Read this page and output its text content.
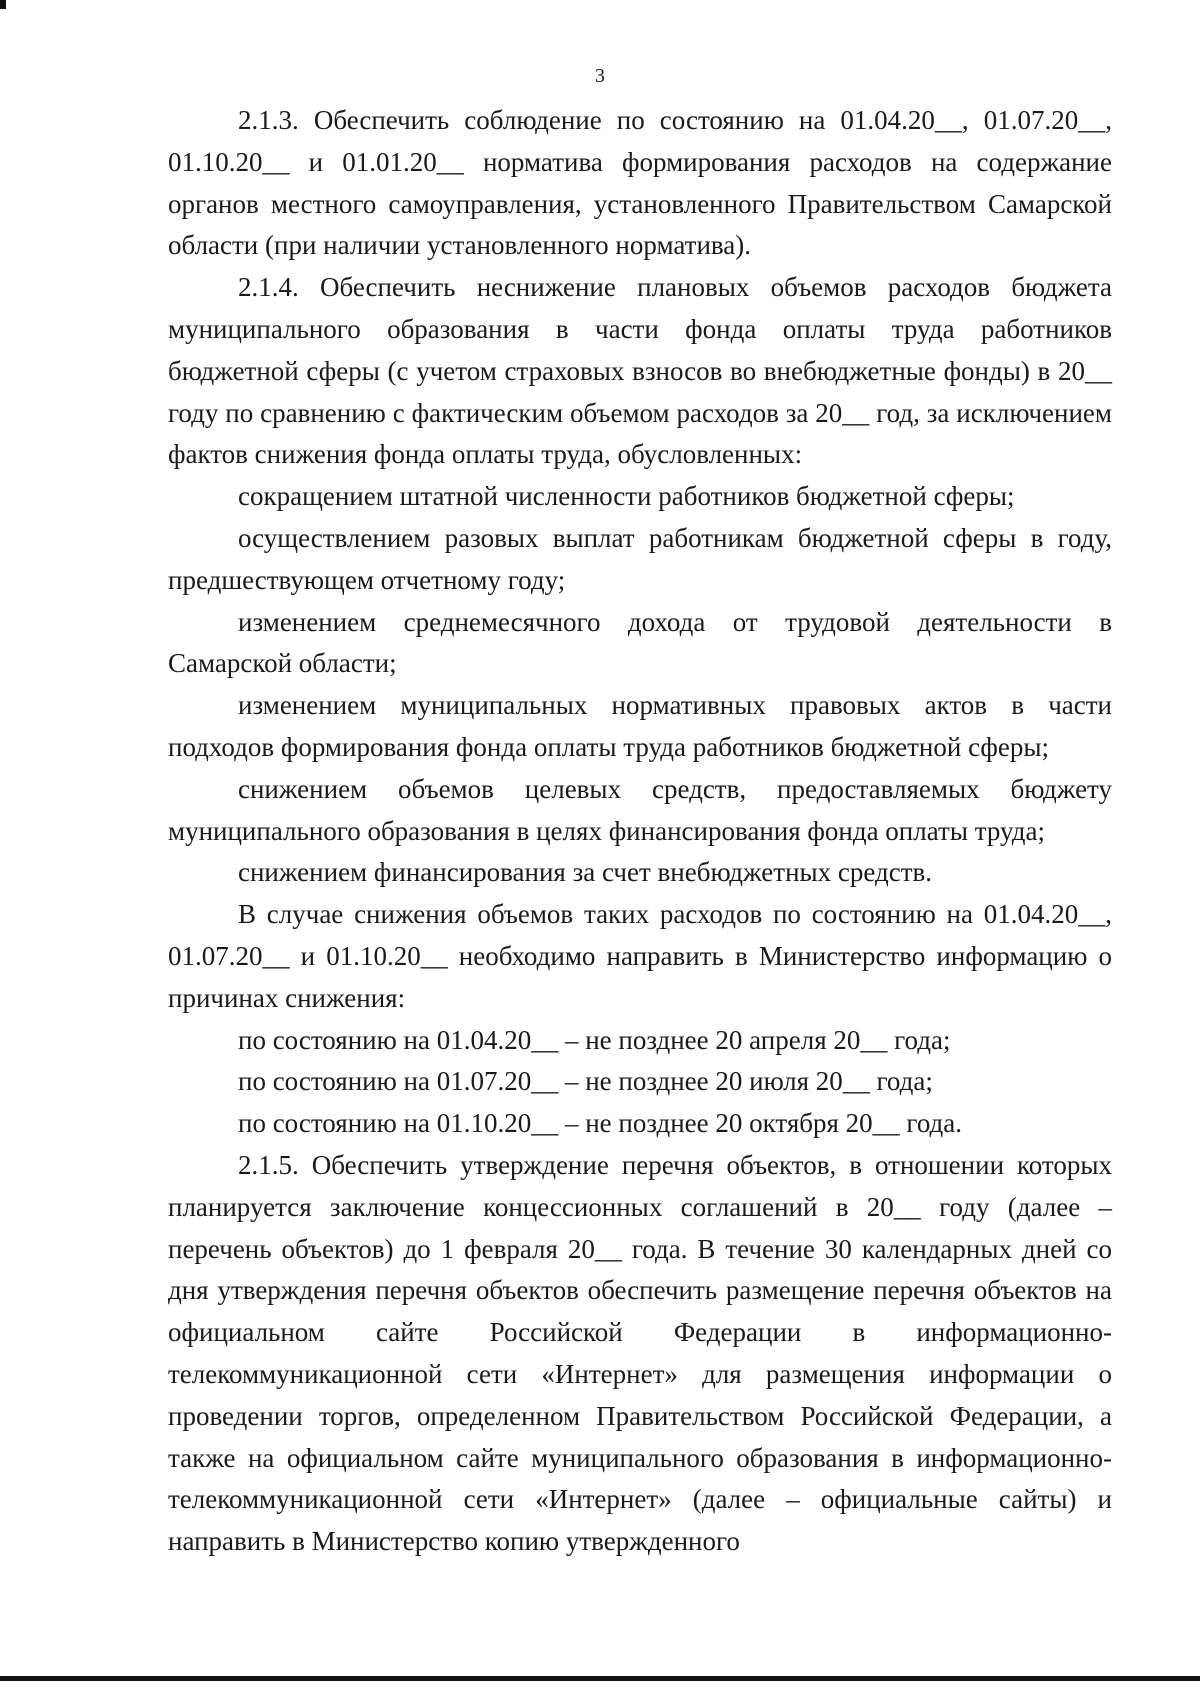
3

2.1.3. Обеспечить соблюдение по состоянию на 01.04.20__, 01.07.20__, 01.10.20__ и 01.01.20__ норматива формирования расходов на содержание органов местного самоуправления, установленного Правительством Самарской области (при наличии установленного норматива).

2.1.4. Обеспечить неснижение плановых объемов расходов бюджета муниципального образования в части фонда оплаты труда работников бюджетной сферы (с учетом страховых взносов во внебюджетные фонды) в 20__ году по сравнению с фактическим объемом расходов за 20__ год, за исключением фактов снижения фонда оплаты труда, обусловленных:

сокращением штатной численности работников бюджетной сферы;

осуществлением разовых выплат работникам бюджетной сферы в году, предшествующем отчетному году;

изменением среднемесячного дохода от трудовой деятельности в Самарской области;

изменением муниципальных нормативных правовых актов в части подходов формирования фонда оплаты труда работников бюджетной сферы;

снижением объемов целевых средств, предоставляемых бюджету муниципального образования в целях финансирования фонда оплаты труда;

снижением финансирования за счет внебюджетных средств.

В случае снижения объемов таких расходов по состоянию на 01.04.20__, 01.07.20__ и 01.10.20__ необходимо направить в Министерство информацию о причинах снижения:

по состоянию на 01.04.20__ – не позднее 20 апреля 20__ года;

по состоянию на 01.07.20__ – не позднее 20 июля 20__ года;

по состоянию на 01.10.20__ – не позднее 20 октября 20__ года.

2.1.5. Обеспечить утверждение перечня объектов, в отношении которых планируется заключение концессионных соглашений в 20__ году (далее – перечень объектов) до 1 февраля 20__ года. В течение 30 календарных дней со дня утверждения перечня объектов обеспечить размещение перечня объектов на официальном сайте Российской Федерации в информационно-телекоммуникационной сети «Интернет» для размещения информации о проведении торгов, определенном Правительством Российской Федерации, а также на официальном сайте муниципального образования в информационно-телекоммуникационной сети «Интернет» (далее – официальные сайты) и направить в Министерство копию утвержденного
